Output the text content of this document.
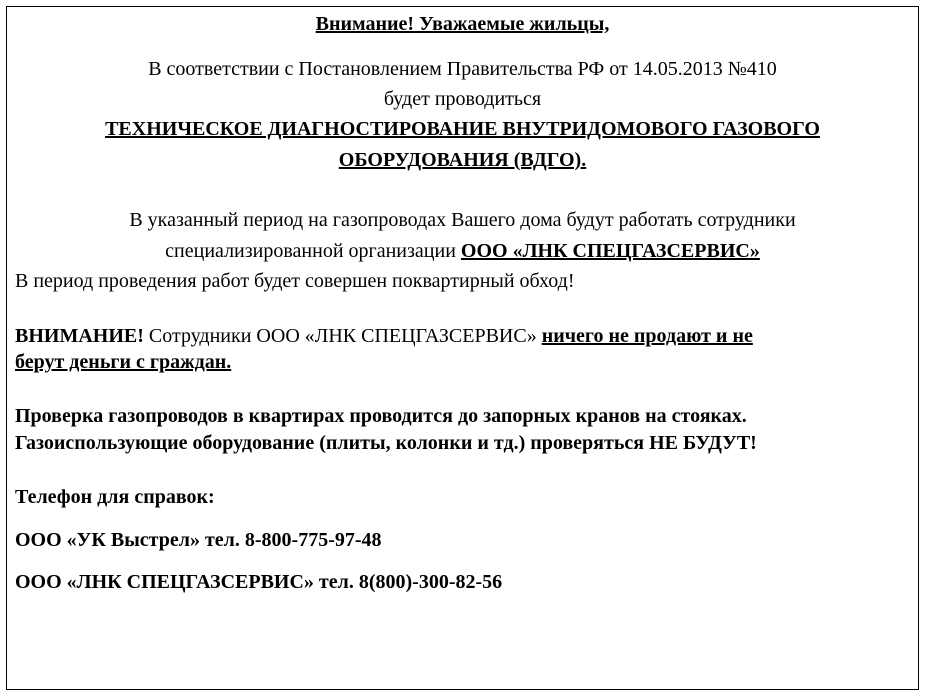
Внимание! Уважаемые жильцы,
В соответствии с Постановлением Правительства РФ от 14.05.2013 №410
будет проводиться
ТЕХНИЧЕСКОЕ ДИАГНОСТИРОВАНИЕ ВНУТРИДОМОВОГО ГАЗОВОГО
ОБОРУДОВАНИЯ (ВДГО).
В указанный период на газопроводах Вашего дома будут работать сотрудники
специализированной организации ООО «ЛНК СПЕЦГАЗСЕРВИС»
В период проведения работ будет совершен поквартирный обход!
ВНИМАНИЕ! Сотрудники ООО «ЛНК СПЕЦГАЗСЕРВИС» ничего не продают и не
берут деньги с граждан.
Проверка газопроводов в квартирах проводится до запорных кранов на стояках.
Газоиспользующие оборудование (плиты, колонки и тд.) проверяться НЕ БУДУТ!
Телефон для справок:
ООО «УК Выстрел» тел. 8-800-775-97-48
ООО «ЛНК СПЕЦГАЗСЕРВИС» тел. 8(800)-300-82-56
